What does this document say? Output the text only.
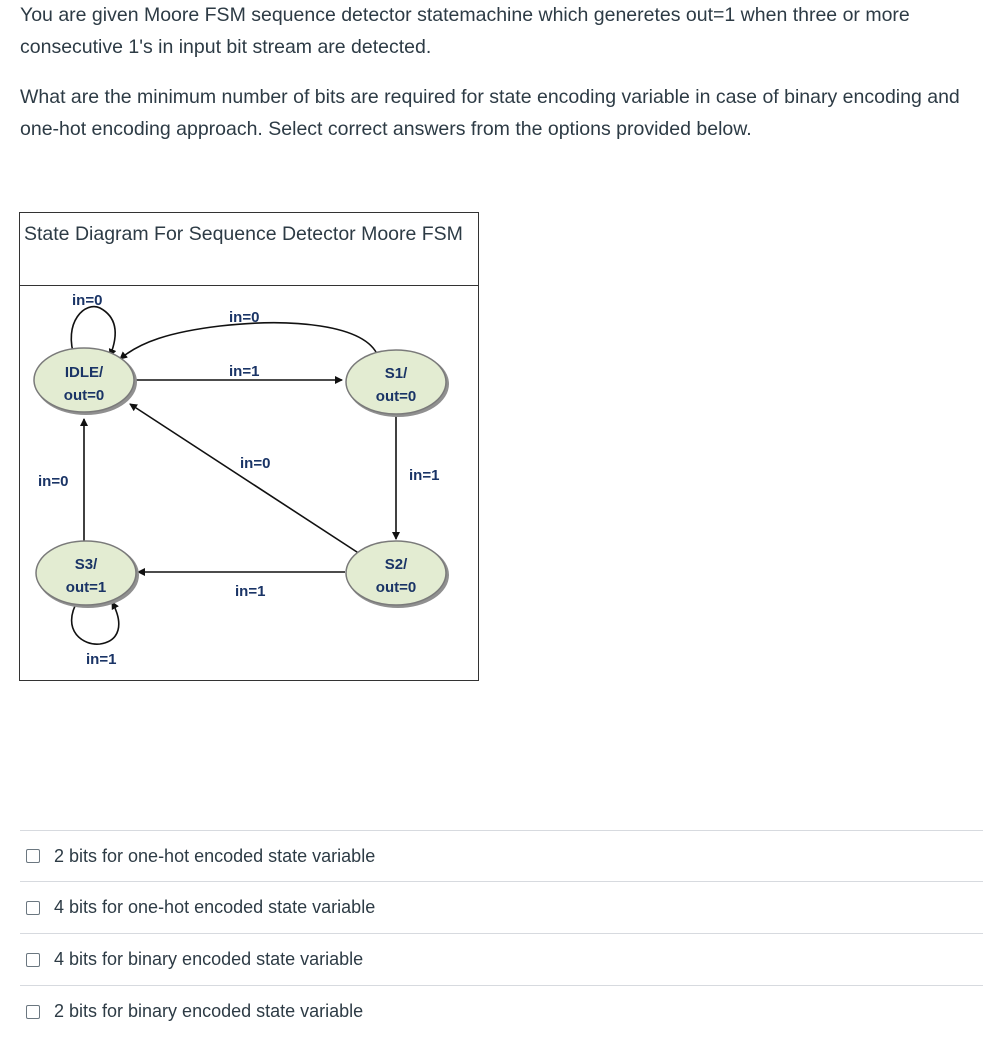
You are given Moore FSM sequence detector statemachine which generetes out=1 when three or more consecutive 1's in input bit stream are detected.

What are the minimum number of bits are required for state encoding variable in case of binary encoding and one-hot encoding approach. Select correct answers from the options provided below.

State Diagram For Sequence Detector Moore FSM
IDLE/
out=0
S1/
out=0
S2/
out=0
S3/
out=1
in=0
in=0
in=1
in=0
in=0	in=1
in=1
in=1
2 bits for one-hot encoded state variable
4 bits for one-hot encoded state variable
4 bits for binary encoded state variable
2 bits for binary encoded state variable
